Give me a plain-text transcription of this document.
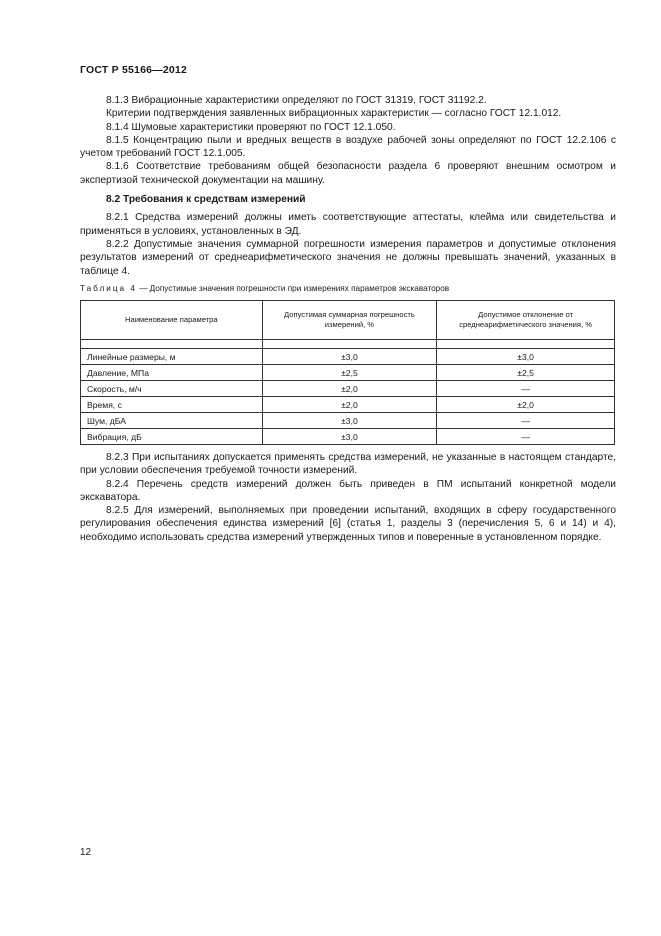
ГОСТ Р 55166—2012

8.1.3 Вибрационные характеристики определяют по ГОСТ 31319, ГОСТ 31192.2.

Критерии подтверждения заявленных вибрационных характеристик — согласно ГОСТ 12.1.012.

8.1.4 Шумовые характеристики проверяют по ГОСТ 12.1.050.

8.1.5 Концентрацию пыли и вредных веществ в воздухе рабочей зоны определяют по ГОСТ 12.2.106 с учетом требований ГОСТ 12.1.005.

8.1.6 Соответствие требованиям общей безопасности раздела 6 проверяют внешним осмотром и экспертизой технической документации на машину.

8.2 Требования к средствам измерений

8.2.1 Средства измерений должны иметь соответствующие аттестаты, клейма или свидетельства и применяться в условиях, установленных в ЭД.

8.2.2 Допустимые значения суммарной погрешности измерения параметров и допустимые отклонения результатов измерений от среднеарифметического значения не должны превышать значений, указанных в таблице 4.

Таблица 4 — Допустимые значения погрешности при измерениях параметров экскаваторов
Наименование параметра	Допустимая суммарная погрешность измерений, %	Допустимое отклонение от среднеарифметического значения, %

Линейные размеры, м	±3,0	±3,0
Давление, МПа	±2,5	±2,5
Скорость, м/ч	±2,0	—
Время, с	±2,0	±2,0
Шум, дБА	±3,0	—
Вибрация, дБ	±3,0	—

8.2.3 При испытаниях допускается применять средства измерений, не указанные в настоящем стандарте, при условии обеспечения требуемой точности измерений.

8.2.4 Перечень средств измерений должен быть приведен в ПМ испытаний конкретной модели экскаватора.

8.2.5 Для измерений, выполняемых при проведении испытаний, входящих в сферу государственного регулирования обеспечения единства измерений [6] (статья 1, разделы 3 (перечисления 5, 6 и 14) и 4), необходимо использовать средства измерений утвержденных типов и поверенные в установленном порядке.

12
